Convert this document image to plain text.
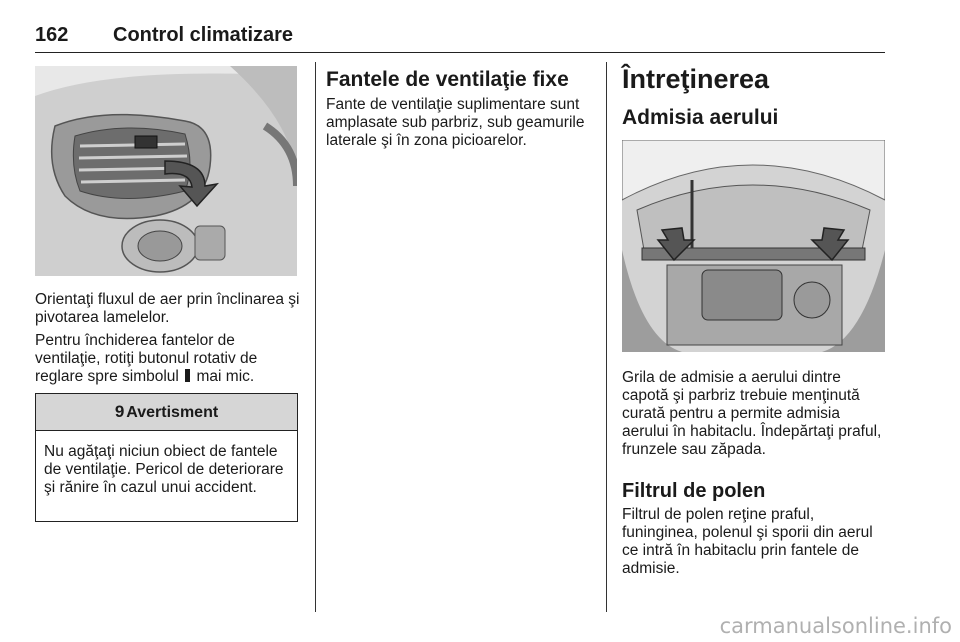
162 Control climatizare

Orientaţi fluxul de aer prin înclinarea şi pivotarea lamelelor.

Pentru închiderea fantelor de ventilaţie, rotiţi butonul rotativ de reglare spre simbolul mai mic.

9 Avertisment
Nu agăţaţi niciun obiect de fantele de ventilaţie. Pericol de deteriorare şi rănire în cazul unui accident.
Fantele de ventilaţie fixe

Fante de ventilaţie suplimentare sunt amplasate sub parbriz, sub geamurile laterale şi în zona picioarelor.

Întreţinerea
Admisia aerului

Grila de admisie a aerului dintre capotă şi parbriz trebuie menţinută curată pentru a permite admisia aerului în habitaclu. Îndepărtaţi praful, frunzele sau zăpada.

Filtrul de polen

Filtrul de polen reţine praful, funinginea, polenul şi sporii din aerul ce intră în habitaclu prin fantele de admisie.

carmanualsonline.info
